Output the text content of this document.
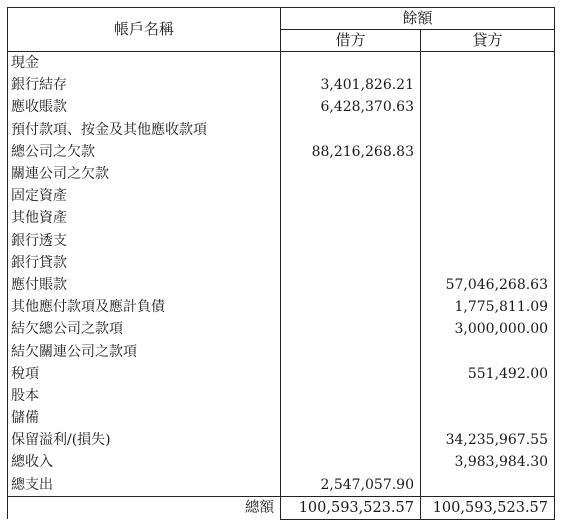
帳戶名稱	餘額	
	借方	貸方
現金		
銀行結存	3,401,826.21	
應收賬款	6,428,370.63	
預付款項、按金及其他應收款項		
總公司之欠款	88,216,268.83	
關連公司之欠款		
固定資產		
其他資產		
銀行透支		
銀行貸款		
應付賬款		57,046,268.63
其他應付款項及應計負債		1,775,811.09
結欠總公司之款項		3,000,000.00
結欠關連公司之款項		
稅項		551,492.00
股本		
儲備		
保留溢利/(損失)		34,235,967.55
總收入		3,983,984.30
總支出	2,547,057.90	
總額	100,593,523.57	100,593,523.57
